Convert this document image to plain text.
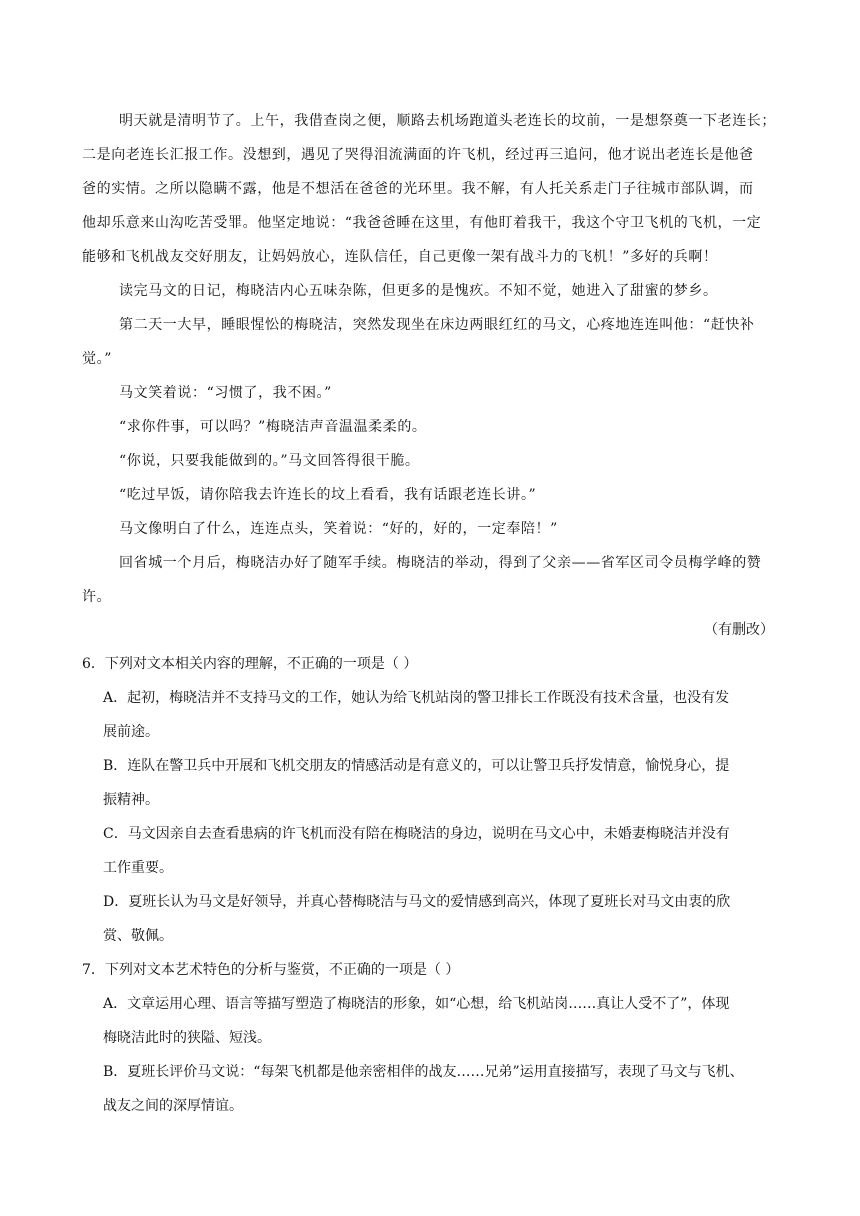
明天就是清明节了。上午，我借查岗之便，顺路去机场跑道头老连长的坟前，一是想祭奠一下老连长；
二是向老连长汇报工作。没想到，遇见了哭得泪流满面的许飞机，经过再三追问，他才说出老连长是他爸
爸的实情。之所以隐瞒不露，他是不想活在爸爸的光环里。我不解，有人托关系走门子往城市部队调，而
他却乐意来山沟吃苦受罪。他坚定地说：“我爸爸睡在这里，有他盯着我干，我这个守卫飞机的飞机，一定
能够和飞机战友交好朋友，让妈妈放心，连队信任，自己更像一架有战斗力的飞机！”多好的兵啊！
读完马文的日记，梅晓洁内心五味杂陈，但更多的是愧疚。不知不觉，她进入了甜蜜的梦乡。
第二天一大早，睡眼惺忪的梅晓洁，突然发现坐在床边两眼红红的马文，心疼地连连叫他：“赶快补
觉。”
马文笑着说：“习惯了，我不困。”
“求你件事，可以吗？”梅晓洁声音温温柔柔的。
“你说，只要我能做到的。”马文回答得很干脆。
“吃过早饭，请你陪我去许连长的坟上看看，我有话跟老连长讲。”
马文像明白了什么，连连点头，笑着说：“好的，好的，一定奉陪！”
回省城一个月后，梅晓洁办好了随军手续。梅晓洁的举动，得到了父亲——省军区司令员梅学峰的赞
许。
（有删改）
6．下列对文本相关内容的理解，不正确的一项是（ ）
A．起初，梅晓洁并不支持马文的工作，她认为给飞机站岗的警卫排长工作既没有技术含量，也没有发
展前途。
B．连队在警卫兵中开展和飞机交朋友的情感活动是有意义的，可以让警卫兵抒发情意，愉悦身心，提
振精神。
C．马文因亲自去查看患病的许飞机而没有陪在梅晓洁的身边，说明在马文心中，未婚妻梅晓洁并没有
工作重要。
D．夏班长认为马文是好领导，并真心替梅晓洁与马文的爱情感到高兴，体现了夏班长对马文由衷的欣
赏、敬佩。
7．下列对文本艺术特色的分析与鉴赏，不正确的一项是（ ）
A．文章运用心理、语言等描写塑造了梅晓洁的形象，如“心想，给飞机站岗……真让人受不了”，体现
梅晓洁此时的狭隘、短浅。
B．夏班长评价马文说：“每架飞机都是他亲密相伴的战友……兄弟”运用直接描写，表现了马文与飞机、
战友之间的深厚情谊。
